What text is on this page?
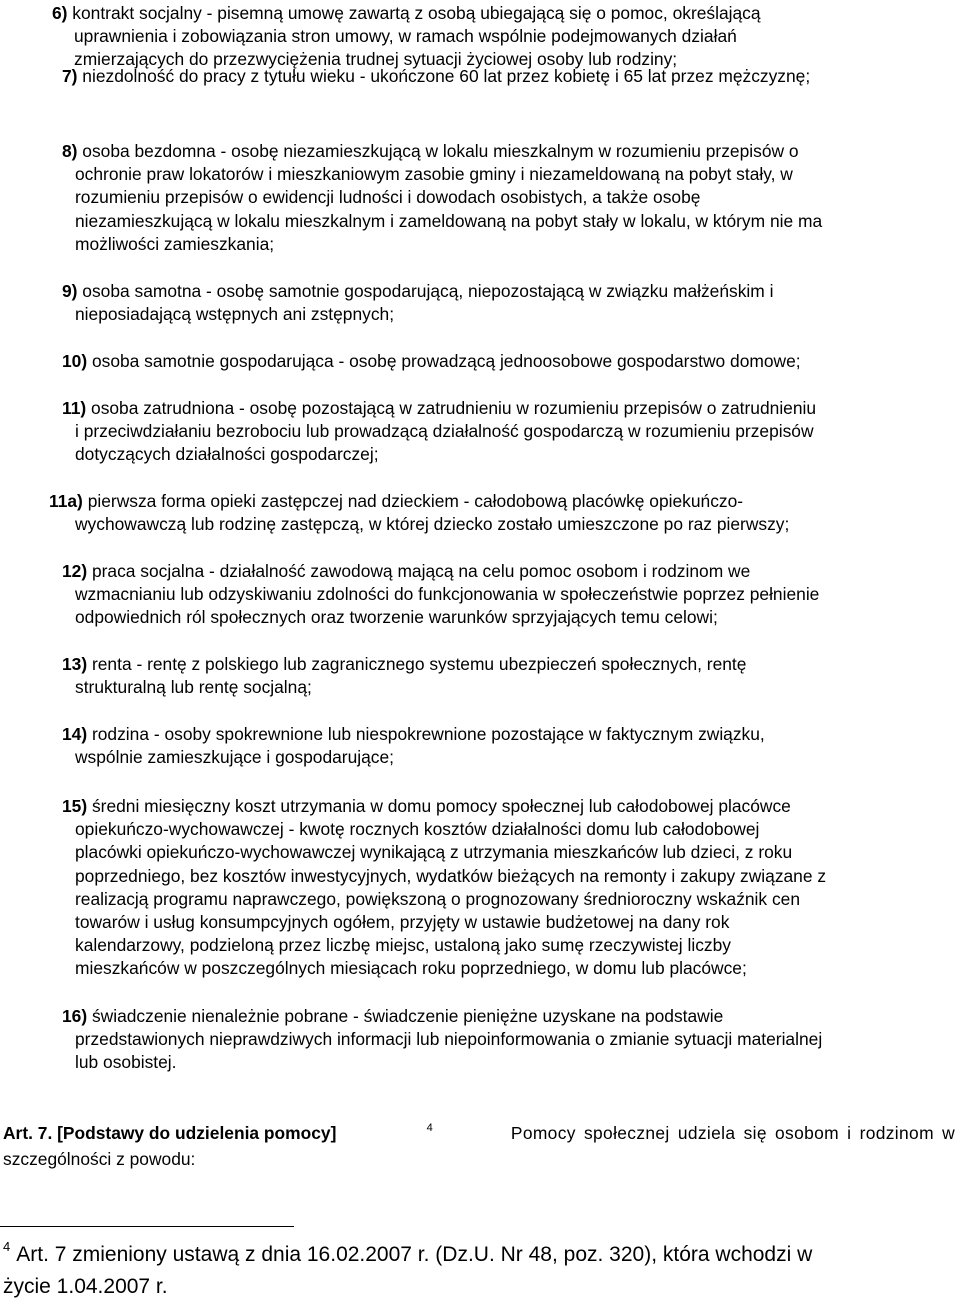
6) kontrakt socjalny - pisemną umowę zawartą z osobą ubiegającą się o pomoc, określającą
uprawnienia i zobowiązania stron umowy, w ramach wspólnie podejmowanych działań
zmierzających do przezwyciężenia trudnej sytuacji życiowej osoby lub rodziny;
7) niezdolność do pracy z tytułu wieku - ukończone 60 lat przez kobietę i 65 lat przez mężczyznę;
8) osoba bezdomna - osobę niezamieszkującą w lokalu mieszkalnym w rozumieniu przepisów o
ochronie praw lokatorów i mieszkaniowym zasobie gminy i niezameldowaną na pobyt stały, w
rozumieniu przepisów o ewidencji ludności i dowodach osobistych, a także osobę
niezamieszkującą w lokalu mieszkalnym i zameldowaną na pobyt stały w lokalu, w którym nie ma
możliwości zamieszkania;
9) osoba samotna - osobę samotnie gospodarującą, niepozostającą w związku małżeńskim i
nieposiadającą wstępnych ani zstępnych;
10) osoba samotnie gospodarująca - osobę prowadzącą jednoosobowe gospodarstwo domowe;
11) osoba zatrudniona - osobę pozostającą w zatrudnieniu w rozumieniu przepisów o zatrudnieniu
i przeciwdziałaniu bezrobociu lub prowadzącą działalność gospodarczą w rozumieniu przepisów
dotyczących działalności gospodarczej;
11a) pierwsza forma opieki zastępczej nad dzieckiem - całodobową placówkę opiekuńczo-
wychowawczą lub rodzinę zastępczą, w której dziecko zostało umieszczone po raz pierwszy;
12) praca socjalna - działalność zawodową mającą na celu pomoc osobom i rodzinom we
wzmacnianiu lub odzyskiwaniu zdolności do funkcjonowania w społeczeństwie poprzez pełnienie
odpowiednich ról społecznych oraz tworzenie warunków sprzyjających temu celowi;
13) renta - rentę z polskiego lub zagranicznego systemu ubezpieczeń społecznych, rentę
strukturalną lub rentę socjalną;
14) rodzina - osoby spokrewnione lub niespokrewnione pozostające w faktycznym związku,
wspólnie zamieszkujące i gospodarujące;
15) średni miesięczny koszt utrzymania w domu pomocy społecznej lub całodobowej placówce
opiekuńczo-wychowawczej - kwotę rocznych kosztów działalności domu lub całodobowej
placówki opiekuńczo-wychowawczej wynikającą z utrzymania mieszkańców lub dzieci, z roku
poprzedniego, bez kosztów inwestycyjnych, wydatków bieżących na remonty i zakupy związane z
realizacją programu naprawczego, powiększoną o prognozowany średnioroczny wskaźnik cen
towarów i usług konsumpcyjnych ogółem, przyjęty w ustawie budżetowej na dany rok
kalendarzowy, podzieloną przez liczbę miejsc, ustaloną jako sumę rzeczywistej liczby
mieszkańców w poszczególnych miesiącach roku poprzedniego, w domu lub placówce;
16) świadczenie nienależnie pobrane - świadczenie pieniężne uzyskane na podstawie
przedstawionych nieprawdziwych informacji lub niepoinformowania o zmianie sytuacji materialnej
lub osobistej.
Art. 7. [Podstawy do udzielenia pomocy]	$^4$	Pomocy społecznej udziela się osobom i rodzinom w
szczególności z powodu:
$^4$ Art. 7 zmieniony ustawą z dnia 16.02.2007 r. (Dz.U. Nr 48, poz. 320), która wchodzi w
życie 1.04.2007 r.
